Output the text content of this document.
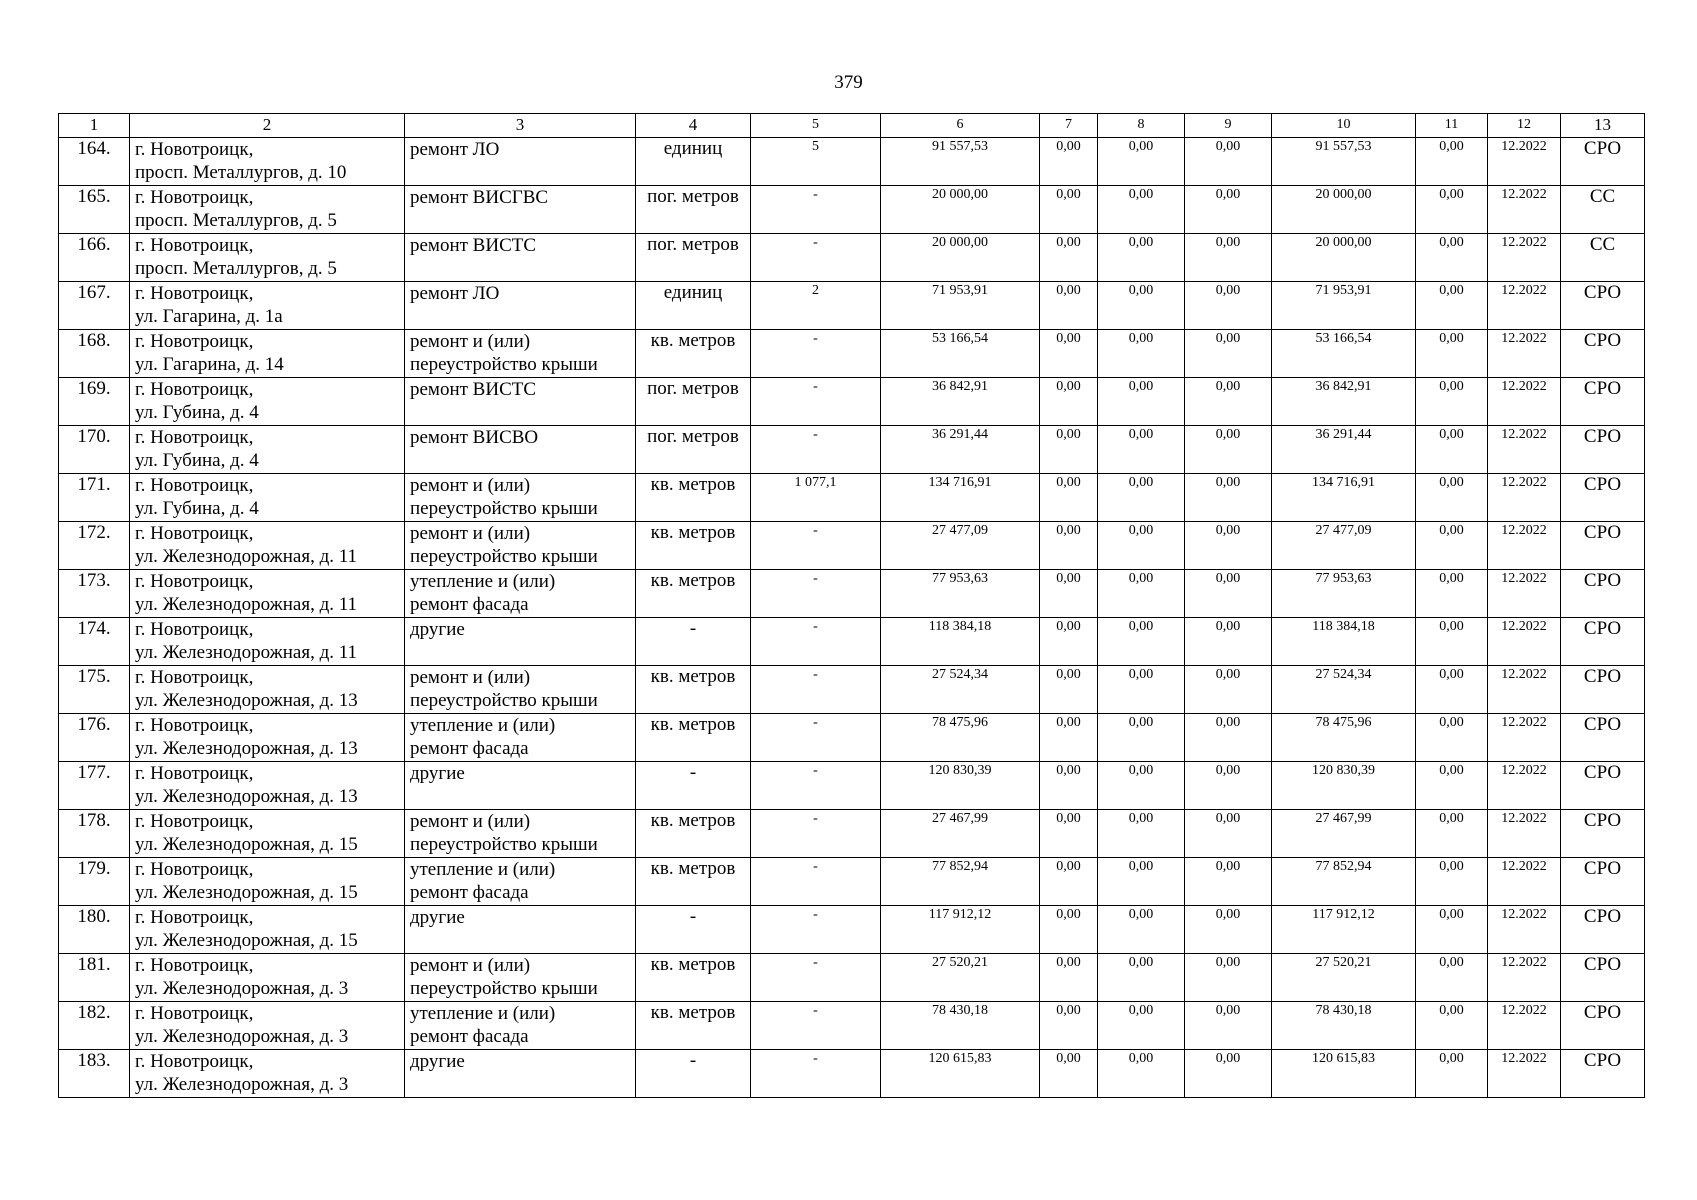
379
1	2	3	4	5	6	7	8	9	10	11	12	13
164.	г. Новотроицк,
просп. Металлургов, д. 10	ремонт ЛО	единиц	5	91 557,53	0,00	0,00	0,00	91 557,53	0,00	12.2022	СРО
165.	г. Новотроицк,
просп. Металлургов, д. 5	ремонт ВИСГВС	пог. метров	-	20 000,00	0,00	0,00	0,00	20 000,00	0,00	12.2022	СС
166.	г. Новотроицк,
просп. Металлургов, д. 5	ремонт ВИСТС	пог. метров	-	20 000,00	0,00	0,00	0,00	20 000,00	0,00	12.2022	СС
167.	г. Новотроицк,
ул. Гагарина, д. 1а	ремонт ЛО	единиц	2	71 953,91	0,00	0,00	0,00	71 953,91	0,00	12.2022	СРО
168.	г. Новотроицк,
ул. Гагарина, д. 14	ремонт и (или)
переустройство крыши	кв. метров	-	53 166,54	0,00	0,00	0,00	53 166,54	0,00	12.2022	СРО
169.	г. Новотроицк,
ул. Губина, д. 4	ремонт ВИСТС	пог. метров	-	36 842,91	0,00	0,00	0,00	36 842,91	0,00	12.2022	СРО
170.	г. Новотроицк,
ул. Губина, д. 4	ремонт ВИСВО	пог. метров	-	36 291,44	0,00	0,00	0,00	36 291,44	0,00	12.2022	СРО
171.	г. Новотроицк,
ул. Губина, д. 4	ремонт и (или)
переустройство крыши	кв. метров	1 077,1	134 716,91	0,00	0,00	0,00	134 716,91	0,00	12.2022	СРО
172.	г. Новотроицк,
ул. Железнодорожная, д. 11	ремонт и (или)
переустройство крыши	кв. метров	-	27 477,09	0,00	0,00	0,00	27 477,09	0,00	12.2022	СРО
173.	г. Новотроицк,
ул. Железнодорожная, д. 11	утепление и (или)
ремонт фасада	кв. метров	-	77 953,63	0,00	0,00	0,00	77 953,63	0,00	12.2022	СРО
174.	г. Новотроицк,
ул. Железнодорожная, д. 11	другие	-	-	118 384,18	0,00	0,00	0,00	118 384,18	0,00	12.2022	СРО
175.	г. Новотроицк,
ул. Железнодорожная, д. 13	ремонт и (или)
переустройство крыши	кв. метров	-	27 524,34	0,00	0,00	0,00	27 524,34	0,00	12.2022	СРО
176.	г. Новотроицк,
ул. Железнодорожная, д. 13	утепление и (или)
ремонт фасада	кв. метров	-	78 475,96	0,00	0,00	0,00	78 475,96	0,00	12.2022	СРО
177.	г. Новотроицк,
ул. Железнодорожная, д. 13	другие	-	-	120 830,39	0,00	0,00	0,00	120 830,39	0,00	12.2022	СРО
178.	г. Новотроицк,
ул. Железнодорожная, д. 15	ремонт и (или)
переустройство крыши	кв. метров	-	27 467,99	0,00	0,00	0,00	27 467,99	0,00	12.2022	СРО
179.	г. Новотроицк,
ул. Железнодорожная, д. 15	утепление и (или)
ремонт фасада	кв. метров	-	77 852,94	0,00	0,00	0,00	77 852,94	0,00	12.2022	СРО
180.	г. Новотроицк,
ул. Железнодорожная, д. 15	другие	-	-	117 912,12	0,00	0,00	0,00	117 912,12	0,00	12.2022	СРО
181.	г. Новотроицк,
ул. Железнодорожная, д. 3	ремонт и (или)
переустройство крыши	кв. метров	-	27 520,21	0,00	0,00	0,00	27 520,21	0,00	12.2022	СРО
182.	г. Новотроицк,
ул. Железнодорожная, д. 3	утепление и (или)
ремонт фасада	кв. метров	-	78 430,18	0,00	0,00	0,00	78 430,18	0,00	12.2022	СРО
183.	г. Новотроицк,
ул. Железнодорожная, д. 3	другие	-	-	120 615,83	0,00	0,00	0,00	120 615,83	0,00	12.2022	СРО
